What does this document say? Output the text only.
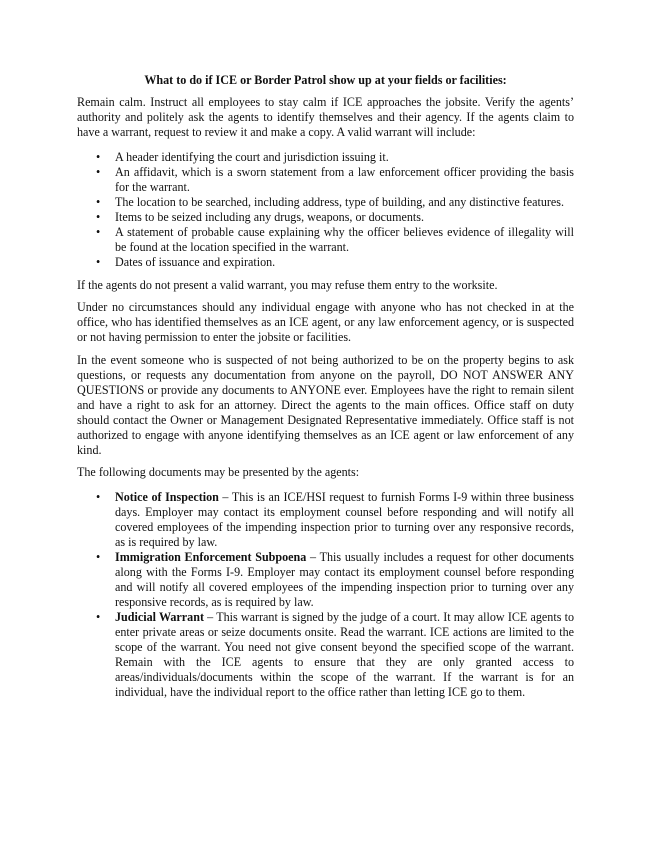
What to do if ICE or Border Patrol show up at your fields or facilities:

Remain calm. Instruct all employees to stay calm if ICE approaches the jobsite. Verify the agents’ authority and politely ask the agents to identify themselves and their agency. If the agents claim to have a warrant, request to review it and make a copy. A valid warrant will include:

• A header identifying the court and jurisdiction issuing it.
• An affidavit, which is a sworn statement from a law enforcement officer providing the basis for the warrant.
• The location to be searched, including address, type of building, and any distinctive features.
• Items to be seized including any drugs, weapons, or documents.
• A statement of probable cause explaining why the officer believes evidence of illegality will be found at the location specified in the warrant.
• Dates of issuance and expiration.

If the agents do not present a valid warrant, you may refuse them entry to the worksite.

Under no circumstances should any individual engage with anyone who has not checked in at the office, who has identified themselves as an ICE agent, or any law enforcement agency, or is suspected or not having permission to enter the jobsite or facilities.

In the event someone who is suspected of not being authorized to be on the property begins to ask questions, or requests any documentation from anyone on the payroll, DO NOT ANSWER ANY QUESTIONS or provide any documents to ANYONE ever. Employees have the right to remain silent and have a right to ask for an attorney. Direct the agents to the main offices. Office staff on duty should contact the Owner or Management Designated Representative immediately. Office staff is not authorized to engage with anyone identifying themselves as an ICE agent or law enforcement of any kind.

The following documents may be presented by the agents:

• Notice of Inspection – This is an ICE/HSI request to furnish Forms I-9 within three business days. Employer may contact its employment counsel before responding and will notify all covered employees of the impending inspection prior to turning over any responsive records, as is required by law.
• Immigration Enforcement Subpoena – This usually includes a request for other documents along with the Forms I-9. Employer may contact its employment counsel before responding and will notify all covered employees of the impending inspection prior to turning over any responsive records, as is required by law.
• Judicial Warrant – This warrant is signed by the judge of a court. It may allow ICE agents to enter private areas or seize documents onsite. Read the warrant. ICE actions are limited to the scope of the warrant. You need not give consent beyond the specified scope of the warrant. Remain with the ICE agents to ensure that they are only granted access to areas/individuals/documents within the scope of the warrant. If the warrant is for an individual, have the individual report to the office rather than letting ICE go to them.
